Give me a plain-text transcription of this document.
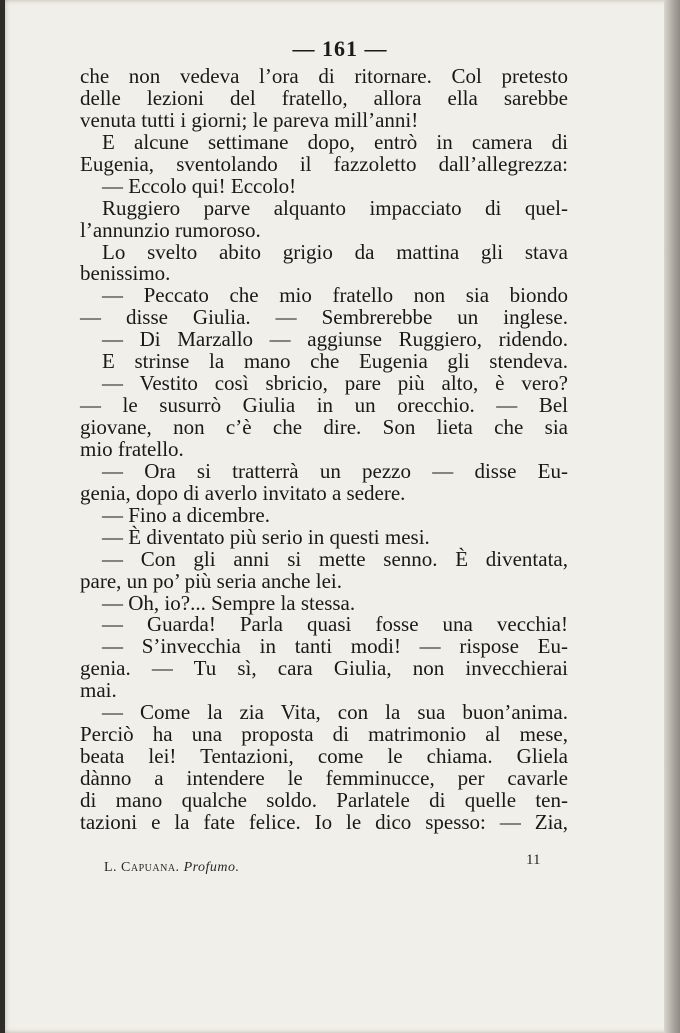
— 161 —
che non vedeva l’ora di ritornare. Col pretesto
delle lezioni del fratello, allora ella sarebbe
venuta tutti i giorni; le pareva mill’anni!
E alcune settimane dopo, entrò in camera di
Eugenia, sventolando il fazzoletto dall’allegrezza:
— Eccolo qui! Eccolo!
Ruggiero parve alquanto impacciato di quel-
l’annunzio rumoroso.
Lo svelto abito grigio da mattina gli stava
benissimo.
— Peccato che mio fratello non sia biondo
— disse Giulia. — Sembrerebbe un inglese.
— Di Marzallo — aggiunse Ruggiero, ridendo.
E strinse la mano che Eugenia gli stendeva.
— Vestito così sbricio, pare più alto, è vero?
— le susurrò Giulia in un orecchio. — Bel
giovane, non c’è che dire. Son lieta che sia
mio fratello.
— Ora si tratterrà un pezzo — disse Eu-
genia, dopo di averlo invitato a sedere.
— Fino a dicembre.
— È diventato più serio in questi mesi.
— Con gli anni si mette senno. È diventata,
pare, un po’ più seria anche lei.
— Oh, io?... Sempre la stessa.
— Guarda! Parla quasi fosse una vecchia!
— S’invecchia in tanti modi! — rispose Eu-
genia. — Tu sì, cara Giulia, non invecchierai
mai.
— Come la zia Vita, con la sua buon’anima.
Perciò ha una proposta di matrimonio al mese,
beata lei! Tentazioni, come le chiama. Gliela
dànno a intendere le femminucce, per cavarle
di mano qualche soldo. Parlatele di quelle ten-
tazioni e la fate felice. Io le dico spesso: — Zia,
L. Capuana. Profumo.	11
